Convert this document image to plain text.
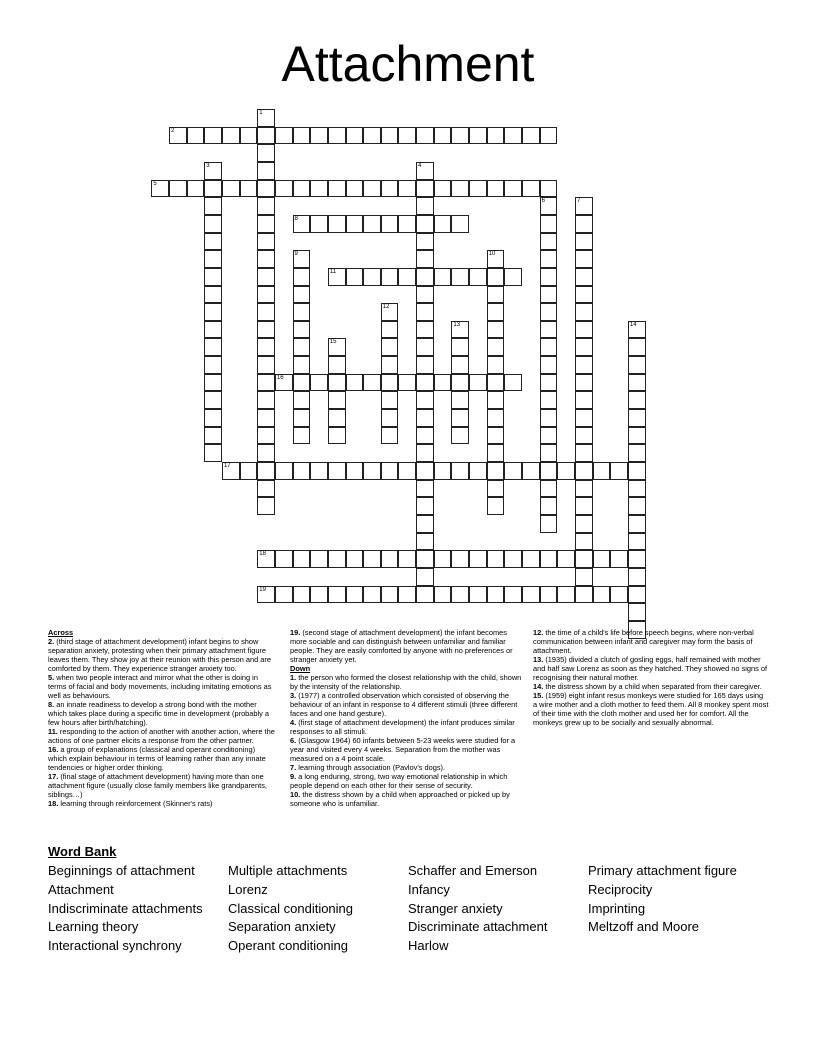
Attachment
1
2
3	4
5
6	7
8
9	10
11
12
13	14
15
16
17
18
19
Across

2. (third stage of attachment development) infant begins to show separation anxiety, protesting when their primary attachment figure leaves them. They show joy at their reunion with this person and are comforted by them. They experience stranger anxiety too.

5. when two people interact and mirror what the other is doing in terms of facial and body movements, including imitating emotions as well as behaviours.

8. an innate readiness to develop a strong bond with the mother which takes place during a specific time in development (probably a few hours after birth/hatching).

11. responding to the action of another with another action, where the actions of one partner elicits a response from the other partner.

16. a group of explanations (classical and operant conditioning) which explain behaviour in terms of learning rather than any innate tendencies or higher order thinking.

17. (final stage of attachment development) having more than one attachment figure (usually close family members like grandparents, siblings…)

18. learning through reinforcement (Skinner's rats)

19. (second stage of attachment development) the infant becomes more sociable and can distinguish between unfamiliar and familiar people. They are easily comforted by anyone with no preferences or stranger anxiety yet.

Down

1. the person who formed the closest relationship with the child, shown by the intensity of the relationship.

3. (1977) a controlled observation which consisted of observing the behaviour of an infant in response to 4 different stimuli (three different faces and one hand gesture).

4. (first stage of attachment development) the infant produces similar responses to all stimuli.

6. (Glasgow 1964) 60 infants between 5-23 weeks were studied for a year and visited every 4 weeks. Separation from the mother was measured on a 4 point scale.

7. learning through association (Pavlov's dogs).

9. a long enduring, strong, two way emotional relationship in which people depend on each other for their sense of security.

10. the distress shown by a child when approached or picked up by someone who is unfamiliar.

12. the time of a child's life before speech begins, where non-verbal communication between infant and caregiver may form the basis of attachment.

13. (1935) divided a clutch of gosling eggs, half remained with mother and half saw Lorenz as soon as they hatched. They showed no signs of recognising their natural mother.

14. the distress shown by a child when separated from their caregiver.

15. (1959) eight infant resus monkeys were studied for 165 days using a wire mother and a cloth mother to feed them. All 8 monkey spent most of their time with the cloth mother and used her for comfort. All the monkeys grew up to be socially and sexually abnormal.

Word Bank
Beginnings of attachment
Attachment
Indiscriminate attachments
Learning theory
Interactional synchrony
Multiple attachments
Lorenz
Classical conditioning
Separation anxiety
Operant conditioning
Schaffer and Emerson
Infancy
Stranger anxiety
Discriminate attachment
Harlow
Primary attachment figure
Reciprocity
Imprinting
Meltzoff and Moore
